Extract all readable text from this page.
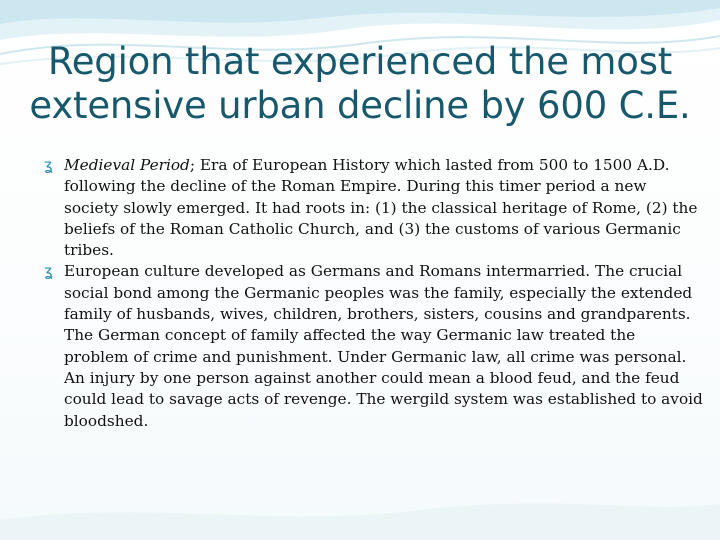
Region that experienced the most extensive urban decline by 600 C.E.

ʓ Medieval Period; Era of European History which lasted from 500 to 1500 A.D. following the decline of the Roman Empire. During this timer period a new society slowly emerged. It had roots in: (1) the classical heritage of Rome, (2) the beliefs of the Roman Catholic Church, and (3) the customs of various Germanic tribes.

ʓ European culture developed as Germans and Romans intermarried. The crucial social bond among the Germanic peoples was the family, especially the extended family of husbands, wives, children, brothers, sisters, cousins and grandparents. The German concept of family affected the way Germanic law treated the problem of crime and punishment. Under Germanic law, all crime was personal. An injury by one person against another could mean a blood feud, and the feud could lead to savage acts of revenge. The wergild system was established to avoid bloodshed.
